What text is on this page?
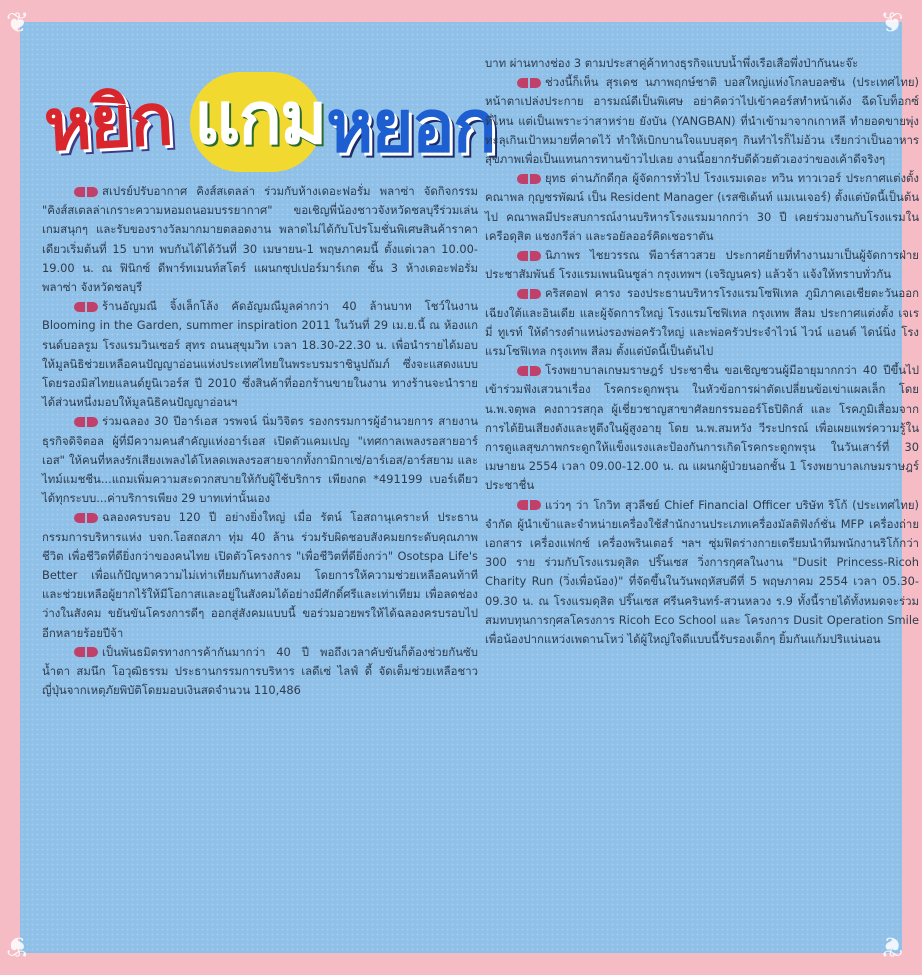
หยิก แกม หยอก

สเปรย์ปรับอากาศ คิงส์สเตลล่า ร่วมกับห้างเดอะฟอรั่ม พลาซ่า จัดกิจกรรม "คิงส์สเตลล่าเกราะความหอมถนอมบรรยากาศ" ขอเชิญพี่น้องชาวจังหวัดชลบุรีร่วมเล่นเกมสนุกๆ และรับของรางวัลมากมายตลอดงาน พลาดไม่ได้กับโปรโมชั่นพิเศษสินค้าราคาเดียวเริ่มต้นที่ 15 บาท พบกันได้ได้วันที่ 30 เมษายน-1 พฤษภาคมนี้ ตั้งแต่เวลา 10.00-19.00 น. ณ ฟินิกซ์ ดีพาร์ทเมนท์สโตร์ แผนกซุปเปอร์มาร์เกต ชั้น 3 ห้างเดอะฟอรั่ม พลาซ่า จังหวัดชลบุรี

ร้านอัญมณี จิ้งเล็กโล้ง คัดอัญมณีมูลค่ากว่า 40 ล้านบาท โชว์ในงาน Blooming in the Garden, summer inspiration 2011 ในวันที่ 29 เม.ย.นี้ ณ ห้องแกรนด์บอลรูม โรงแรมวินเซอร์ สุทร ถนนสุขุมวิท เวลา 18.30-22.30 น. เพื่อนำรายได้มอบให้มูลนิธิช่วยเหลือคนปัญญาอ่อนแห่งประเทศไทยในพระบรมราชินูปถัมภ์ ซึ่งจะแสดงแบบโดยรองมิสไทยแลนด์ยูนิเวอร์ส ปี 2010 ซึ่งสินค้าที่ออกร้านขายในงาน ทางร้านจะนำรายได้ส่วนหนึ่งมอบให้มูลนิธิคนปัญญาอ่อนฯ

ร่วมฉลอง 30 ปีอาร์เอส วรพจน์ นิ่มวิจิตร รองกรรมการผู้อำนวยการ สายงานธุรกิจดิจิตอล ผู้ที่มีความคนสำคัญแห่งอาร์เอส เปิดตัวแคมเปญ "เทศกาลเพลงรอสายอาร์เอส" ให้คนที่หลงรักเสียงเพลงได้โหลดเพลงรอสายจากทั้งกามิกาเซ่/อาร์เอส/อาร์สยาม และไทม์แมชชีน...แถมเพิ่มความสะดวกสบายให้กับผู้ใช้บริการ เพียงกด *491199 เบอร์เดียวได้ทุกระบบ...ค่าบริการเพียง 29 บาทเท่านั้นเอง

ฉลองครบรอบ 120 ปี อย่างยิ่งใหญ่ เมื่อ รัตน์ โอสถานุเคราะห์ ประธานกรรมการบริหารแห่ง บจก.โอสถสภา ทุ่ม 40 ล้าน ร่วมรับผิดชอบสังคมยกระดับคุณภาพชีวิต เพื่อชีวิตที่ดียิ่งกว่าของคนไทย เปิดตัวโครงการ "เพื่อชีวิตที่ดียิ่งกว่า" Osotspa Life's Better เพื่อแก้ปัญหาความไม่เท่าเทียมกันทางสังคม โดยการให้ความช่วยเหลือคนท้าที และช่วยเหลือผู้ยากไร้ให้มีโอกาสและอยู่ในสังคมได้อย่างมีศักดิ์ศรีและเท่าเทียม เพื่อลดช่องว่างในสังคม ขยันขันโครงการดีๆ ออกสู่สังคมแบบนี้ ขอร่วมอวยพรให้ได้ฉลองครบรอบไปอีกหลายร้อยปีจ้า

เป็นพันธมิตรทางการค้ากันมากว่า 40 ปี พอถึงเวลาคับขันก็ต้องช่วยกันซับน้ำตา สมนึก โอวุฒิธรรม ประธานกรรมการบริหาร เลดีเซ่ ไลฟ์ ดี้ จัดเต็มช่วยเหลือชาวญี่ปุ่นจากเหตุภัยพิบัติโดยมอบเงินสดจำนวน 110,486

บาท ผ่านทางช่อง 3 ตามประสาคู่ค้าทางธุรกิจแบบน้ำพึ่งเรือเสือพึ่งป่ากันนะจ๊ะ

ช่วงนี้ก็เห็น สุรเดช นภาพฤกษ์ชาติ บอสใหญ่แห่งโกลบอลซัน (ประเทศไทย) หน้าตาเปล่งประกาย อารมณ์ดีเป็นพิเศษ อย่าคิดว่าไปเข้าคอร์สทำหน้าเด้ง ฉีดโบท็อกซ์ที่ไหน แต่เป็นเพราะว่าสาหร่าย ยังบัน (YANGBAN) ที่นำเข้ามาจากเกาหลี ทำยอดขายพุ่งทะลุเกินเป้าหมายที่คาดไว้ ทำให้เบิกบานใจแบบสุดๆ กินทำไรก็ไม่อ้วน เรียกว่าเป็นอาหารสุขภาพเพื่อเป็นแทนการทานข้าวไปเลย งานนี้อยากรับดีด้วยตัวเองว่าของเค้าดีจริงๆ

ยุทธ ด่านภักดีกุล ผู้จัดการทั่วไป โรงแรมเดอะ ทวิน ทาวเวอร์ ประกาศแต่งตั้ง คณาพล กุญชรพัฒน์ เป็น Resident Manager (เรสซิเด้นท์ แมเนเจอร์) ตั้งแต่บัดนี้เป็นต้นไป คณาพลมีประสบการณ์งานบริหารโรงแรมมากกว่า 30 ปี เคยร่วมงานกับโรงแรมในเครือดุสิต แชงกรีล่า และรอยัลออร์คิดเชอราตัน

นิภาพร ไชยวรรณ พีอาร์สาวสวย ประกาศย้ายที่ทำงานมาเป็นผู้จัดการฝ่ายประชาสัมพันธ์ โรงแรมเพนนินซูล่า กรุงเทพฯ (เจริญนคร) แล้วจ้า แจ้งให้ทราบทั่วกัน

คริสตอฟ คารง รองประธานบริหารโรงแรมโซฟิเทล ภูมิภาคเอเชียตะวันออกเฉียงใต้และอินเดีย และผู้จัดการใหญ่ โรงแรมโซฟิเทล กรุงเทพ สีลม ประกาศแต่งตั้ง เจเรมี่ ทูเรท์ ให้ดำรงตำแหน่งรองพ่อครัวใหญ่ และพ่อครัวประจำไวน์ ไวน์ แอนด์ ไดน์นิ่ง โรงแรมโซฟิเทล กรุงเทพ สีลม ตั้งแต่บัดนี้เป็นต้นไป

โรงพยาบาลเกษมราษฎร์ ประชาชื่น ขอเชิญชวนผู้มีอายุมากกว่า 40 ปีขึ้นไปเข้าร่วมฟังเสวนาเรื่อง โรคกระดูกพรุน ในหัวข้อการผ่าตัดเปลี่ยนข้อเข่าแผลเล็ก โดย น.พ.จตุพล คงถาวรสกุล ผู้เชี่ยวชาญสาขาศัลยกรรมออร์โธปิดิกส์ และ โรคภูมิเสื่อมจากการได้ยินเสียงดังและหูตึงในผู้สูงอายุ โดย น.พ.สมหวัง วีระปกรณ์ เพื่อเผยแพร่ความรู้ในการดูแลสุขภาพกระดูกให้แข็งแรงและป้องกันการเกิดโรคกระดูกพรุน ในวันเสาร์ที่ 30 เมษายน 2554 เวลา 09.00-12.00 น. ณ แผนกผู้ป่วยนอกชั้น 1 โรงพยาบาลเกษมราษฎร์ ประชาชื่น

แว่วๆ ว่า โกวิท สุวลีชย์ Chief Financial Officer บริษัท ริโก้ (ประเทศไทย) จำกัด ผู้นำเข้าและจำหน่ายเครื่องใช้สำนักงานประเภทเครื่องมัลติฟังก์ชั่น MFP เครื่องถ่ายเอกสาร เครื่องแฟกซ์ เครื่องพรินเตอร์ ฯลฯ ซุ่มฟิตร่างกายเตรียมนำทีมพนักงานริโก้กว่า 300 ราย ร่วมกับโรงแรมดุสิต ปริ๊นเซส วิ่งการกุศลในงาน "Dusit Princess-Ricoh Charity Run (วิ่งเพื่อน้อง)" ที่จัดขึ้นในวันพฤหัสบดีที่ 5 พฤษภาคม 2554 เวลา 05.30-09.30 น. ณ โรงแรมดุสิต ปริ๊นเซส ศรีนครินทร์-สวนหลวง ร.9 ทั้งนี้รายได้ทั้งหมดจะร่วมสมทบทุนการกุศลโครงการ Ricoh Eco School และ โครงการ Dusit Operation Smile เพื่อน้องปากแหว่งเพดานโหว่ ได้ผู้ใหญ่ใจดีแบบนี้รับรองเด็กๆ ยิ้มกันแก้มปริแน่นอน

❦	❦
❦	❦
